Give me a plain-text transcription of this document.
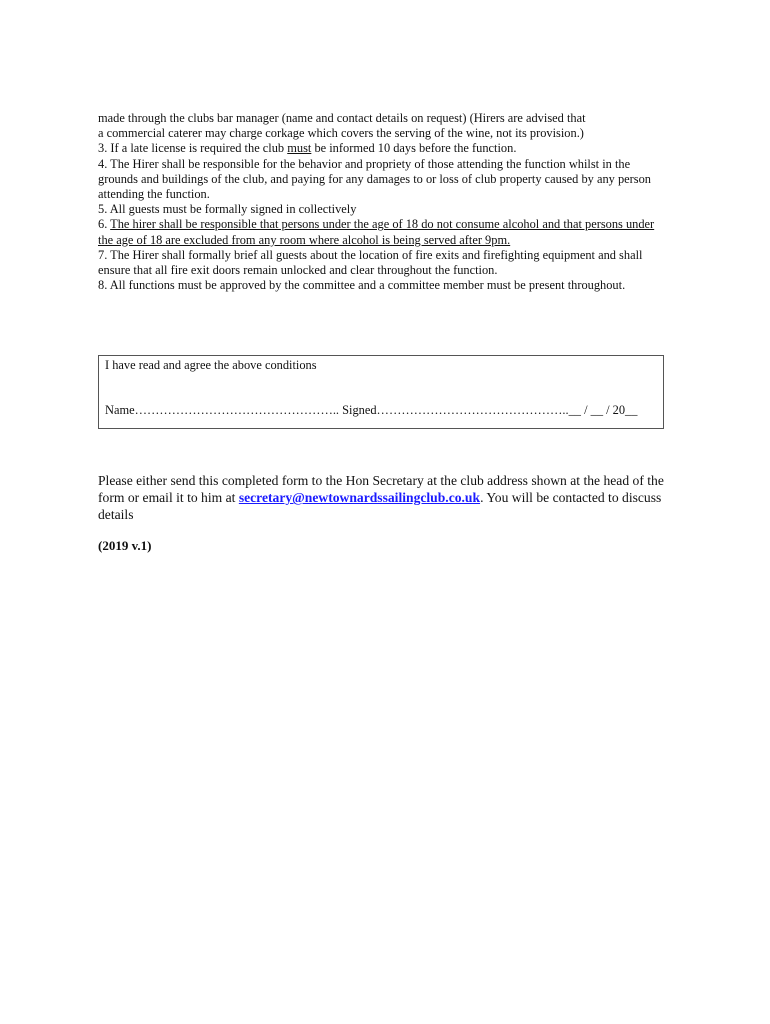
made through the clubs bar manager (name and contact details on request) (Hirers are advised that
a commercial caterer may charge corkage which covers the serving of the wine, not its provision.)

3. If a late license is required the club must be informed 10 days before the function.

4. The Hirer shall be responsible for the behavior and propriety of those attending the function whilst in the grounds and buildings of the club, and paying for any damages to or loss of club property caused by any person attending the function.

5. All guests must be formally signed in collectively

6. The hirer shall be responsible that persons under the age of 18 do not consume alcohol and that persons under the age of 18 are excluded from any room where alcohol is being served after 9pm.

7. The Hirer shall formally brief all guests about the location of fire exits and firefighting equipment and shall ensure that all fire exit doors remain unlocked and clear throughout the function.

8. All functions must be approved by the committee and a committee member must be present throughout.

I have read and agree the above conditions

Name………………………………………….. Signed………………………………………..__ / __ / 20__

Please either send this completed form to the Hon Secretary at the club address shown at the head of the form or email it to him at secretary@newtownardssailingclub.co.uk. You will be contacted to discuss details

(2019 v.1)
